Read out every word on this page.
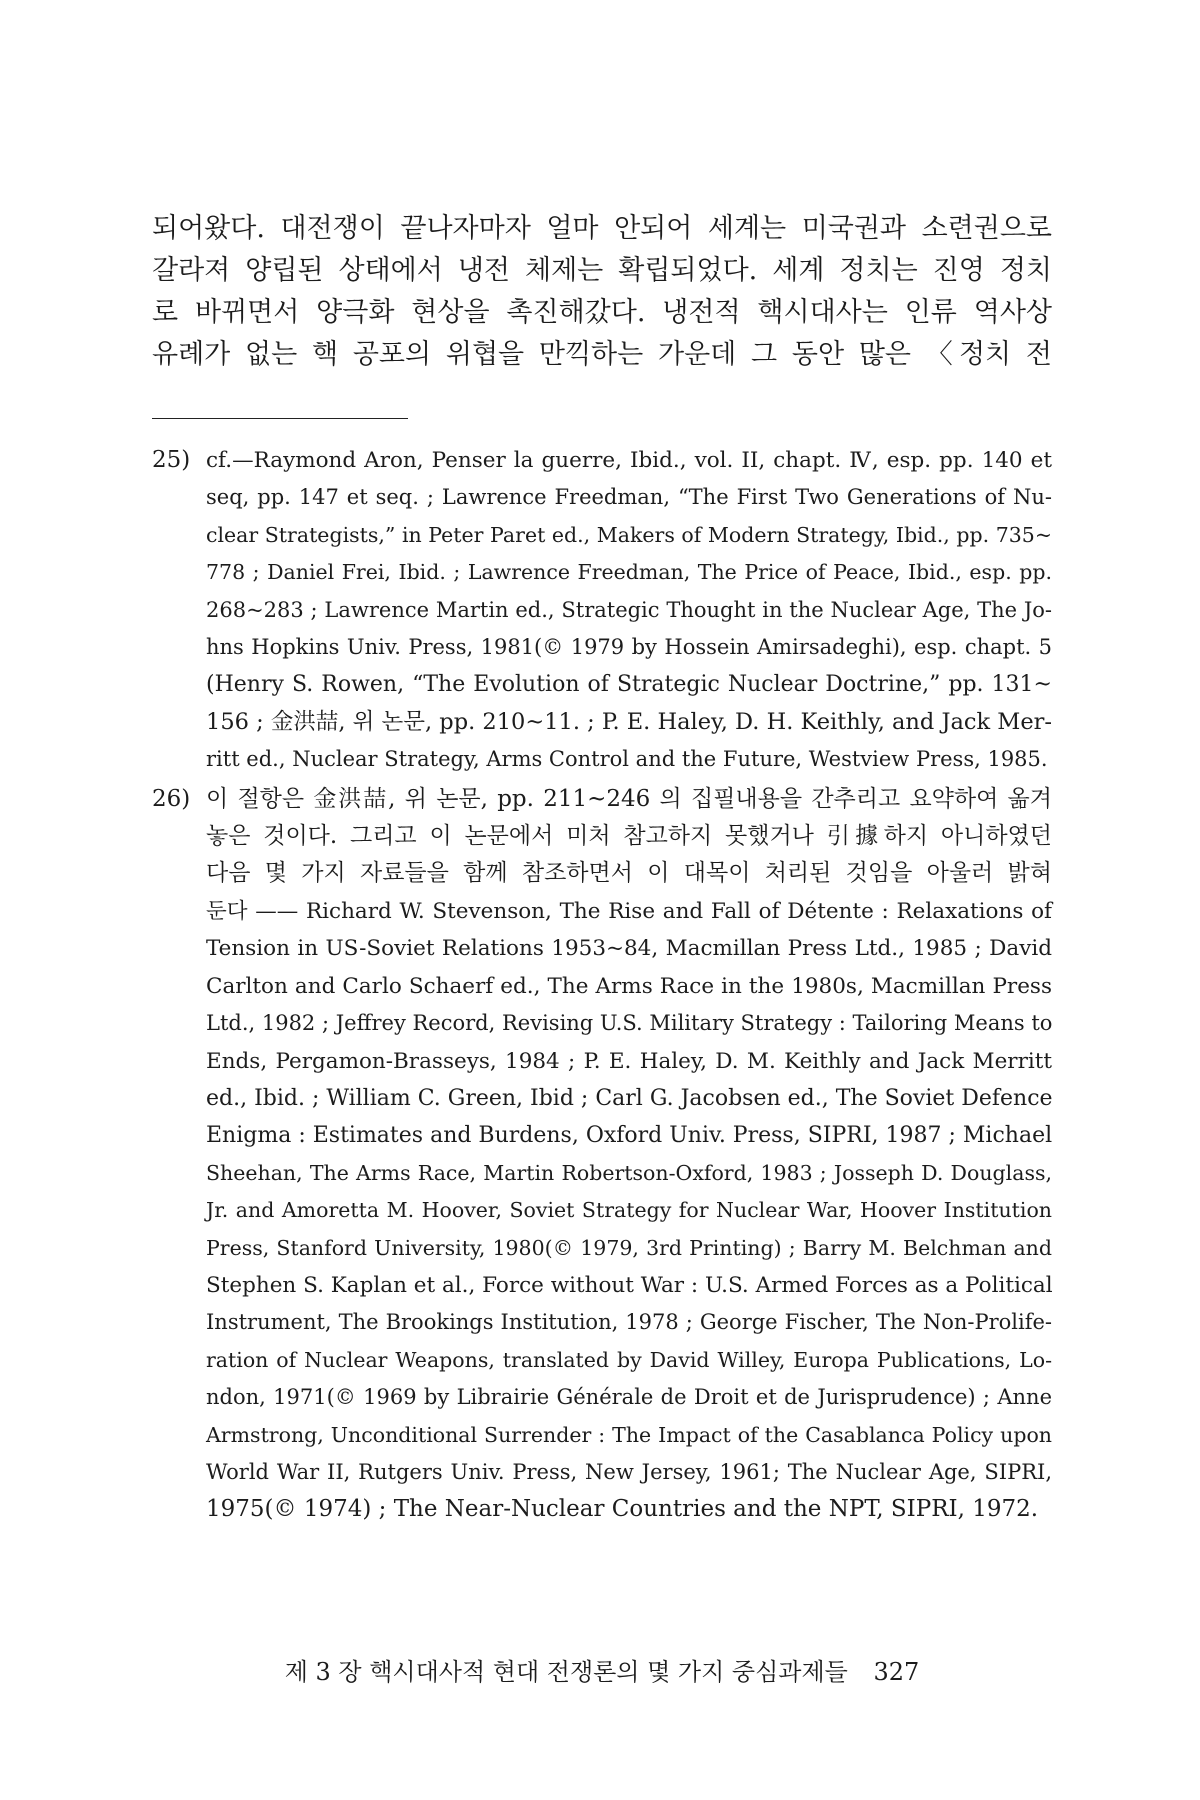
되어왔다. 대전쟁이 끝나자마자 얼마 안되어 세계는 미국권과 소련권으로
갈라져 양립된 상태에서 냉전 체제는 확립되었다. 세계 정치는 진영 정치
로 바뀌면서 양극화 현상을 촉진해갔다. 냉전적 핵시대사는 인류 역사상
유례가 없는 핵 공포의 위협을 만끽하는 가운데 그 동안 많은 〈정치 전

25) cf.—Raymond Aron, Penser la guerre, Ibid., vol. II, chapt. Ⅳ, esp. pp. 140 et
seq, pp. 147 et seq. ; Lawrence Freedman, “The First Two Generations of Nu-
clear Strategists,” in Peter Paret ed., Makers of Modern Strategy, Ibid., pp. 735~
778 ; Daniel Frei, Ibid. ; Lawrence Freedman, The Price of Peace, Ibid., esp. pp.
268~283 ; Lawrence Martin ed., Strategic Thought in the Nuclear Age, The Jo-
hns Hopkins Univ. Press, 1981(© 1979 by Hossein Amirsadeghi), esp. chapt. 5
(Henry S. Rowen, “The Evolution of Strategic Nuclear Doctrine,” pp. 131~
156 ; 金洪喆, 위 논문, pp. 210~11. ; P. E. Haley, D. H. Keithly, and Jack Mer-
ritt ed., Nuclear Strategy, Arms Control and the Future, Westview Press, 1985.
26) 이 절항은 金洪喆, 위 논문, pp. 211~246 의 집필내용을 간추리고 요약하여 옮겨
놓은 것이다. 그리고 이 논문에서 미처 참고하지 못했거나 引據하지 아니하였던
다음 몇 가지 자료들을 함께 참조하면서 이 대목이 처리된 것임을 아울러 밝혀
둔다 —— Richard W. Stevenson, The Rise and Fall of Détente : Relaxations of
Tension in US-Soviet Relations 1953~84, Macmillan Press Ltd., 1985 ; David
Carlton and Carlo Schaerf ed., The Arms Race in the 1980s, Macmillan Press
Ltd., 1982 ; Jeffrey Record, Revising U.S. Military Strategy : Tailoring Means to
Ends, Pergamon-Brasseys, 1984 ; P. E. Haley, D. M. Keithly and Jack Merritt
ed., Ibid. ; William C. Green, Ibid ; Carl G. Jacobsen ed., The Soviet Defence
Enigma : Estimates and Burdens, Oxford Univ. Press, SIPRI, 1987 ; Michael
Sheehan, The Arms Race, Martin Robertson-Oxford, 1983 ; Josseph D. Douglass,
Jr. and Amoretta M. Hoover, Soviet Strategy for Nuclear War, Hoover Institution
Press, Stanford University, 1980(© 1979, 3rd Printing) ; Barry M. Belchman and
Stephen S. Kaplan et al., Force without War : U.S. Armed Forces as a Political
Instrument, The Brookings Institution, 1978 ; George Fischer, The Non-Prolife-
ration of Nuclear Weapons, translated by David Willey, Europa Publications, Lo-
ndon, 1971(© 1969 by Librairie Générale de Droit et de Jurisprudence) ; Anne
Armstrong, Unconditional Surrender : The Impact of the Casablanca Policy upon
World War II, Rutgers Univ. Press, New Jersey, 1961; The Nuclear Age, SIPRI,
1975(© 1974) ; The Near-Nuclear Countries and the NPT, SIPRI, 1972.
제 3 장 핵시대사적 현대 전쟁론의 몇 가지 중심과제들 327
